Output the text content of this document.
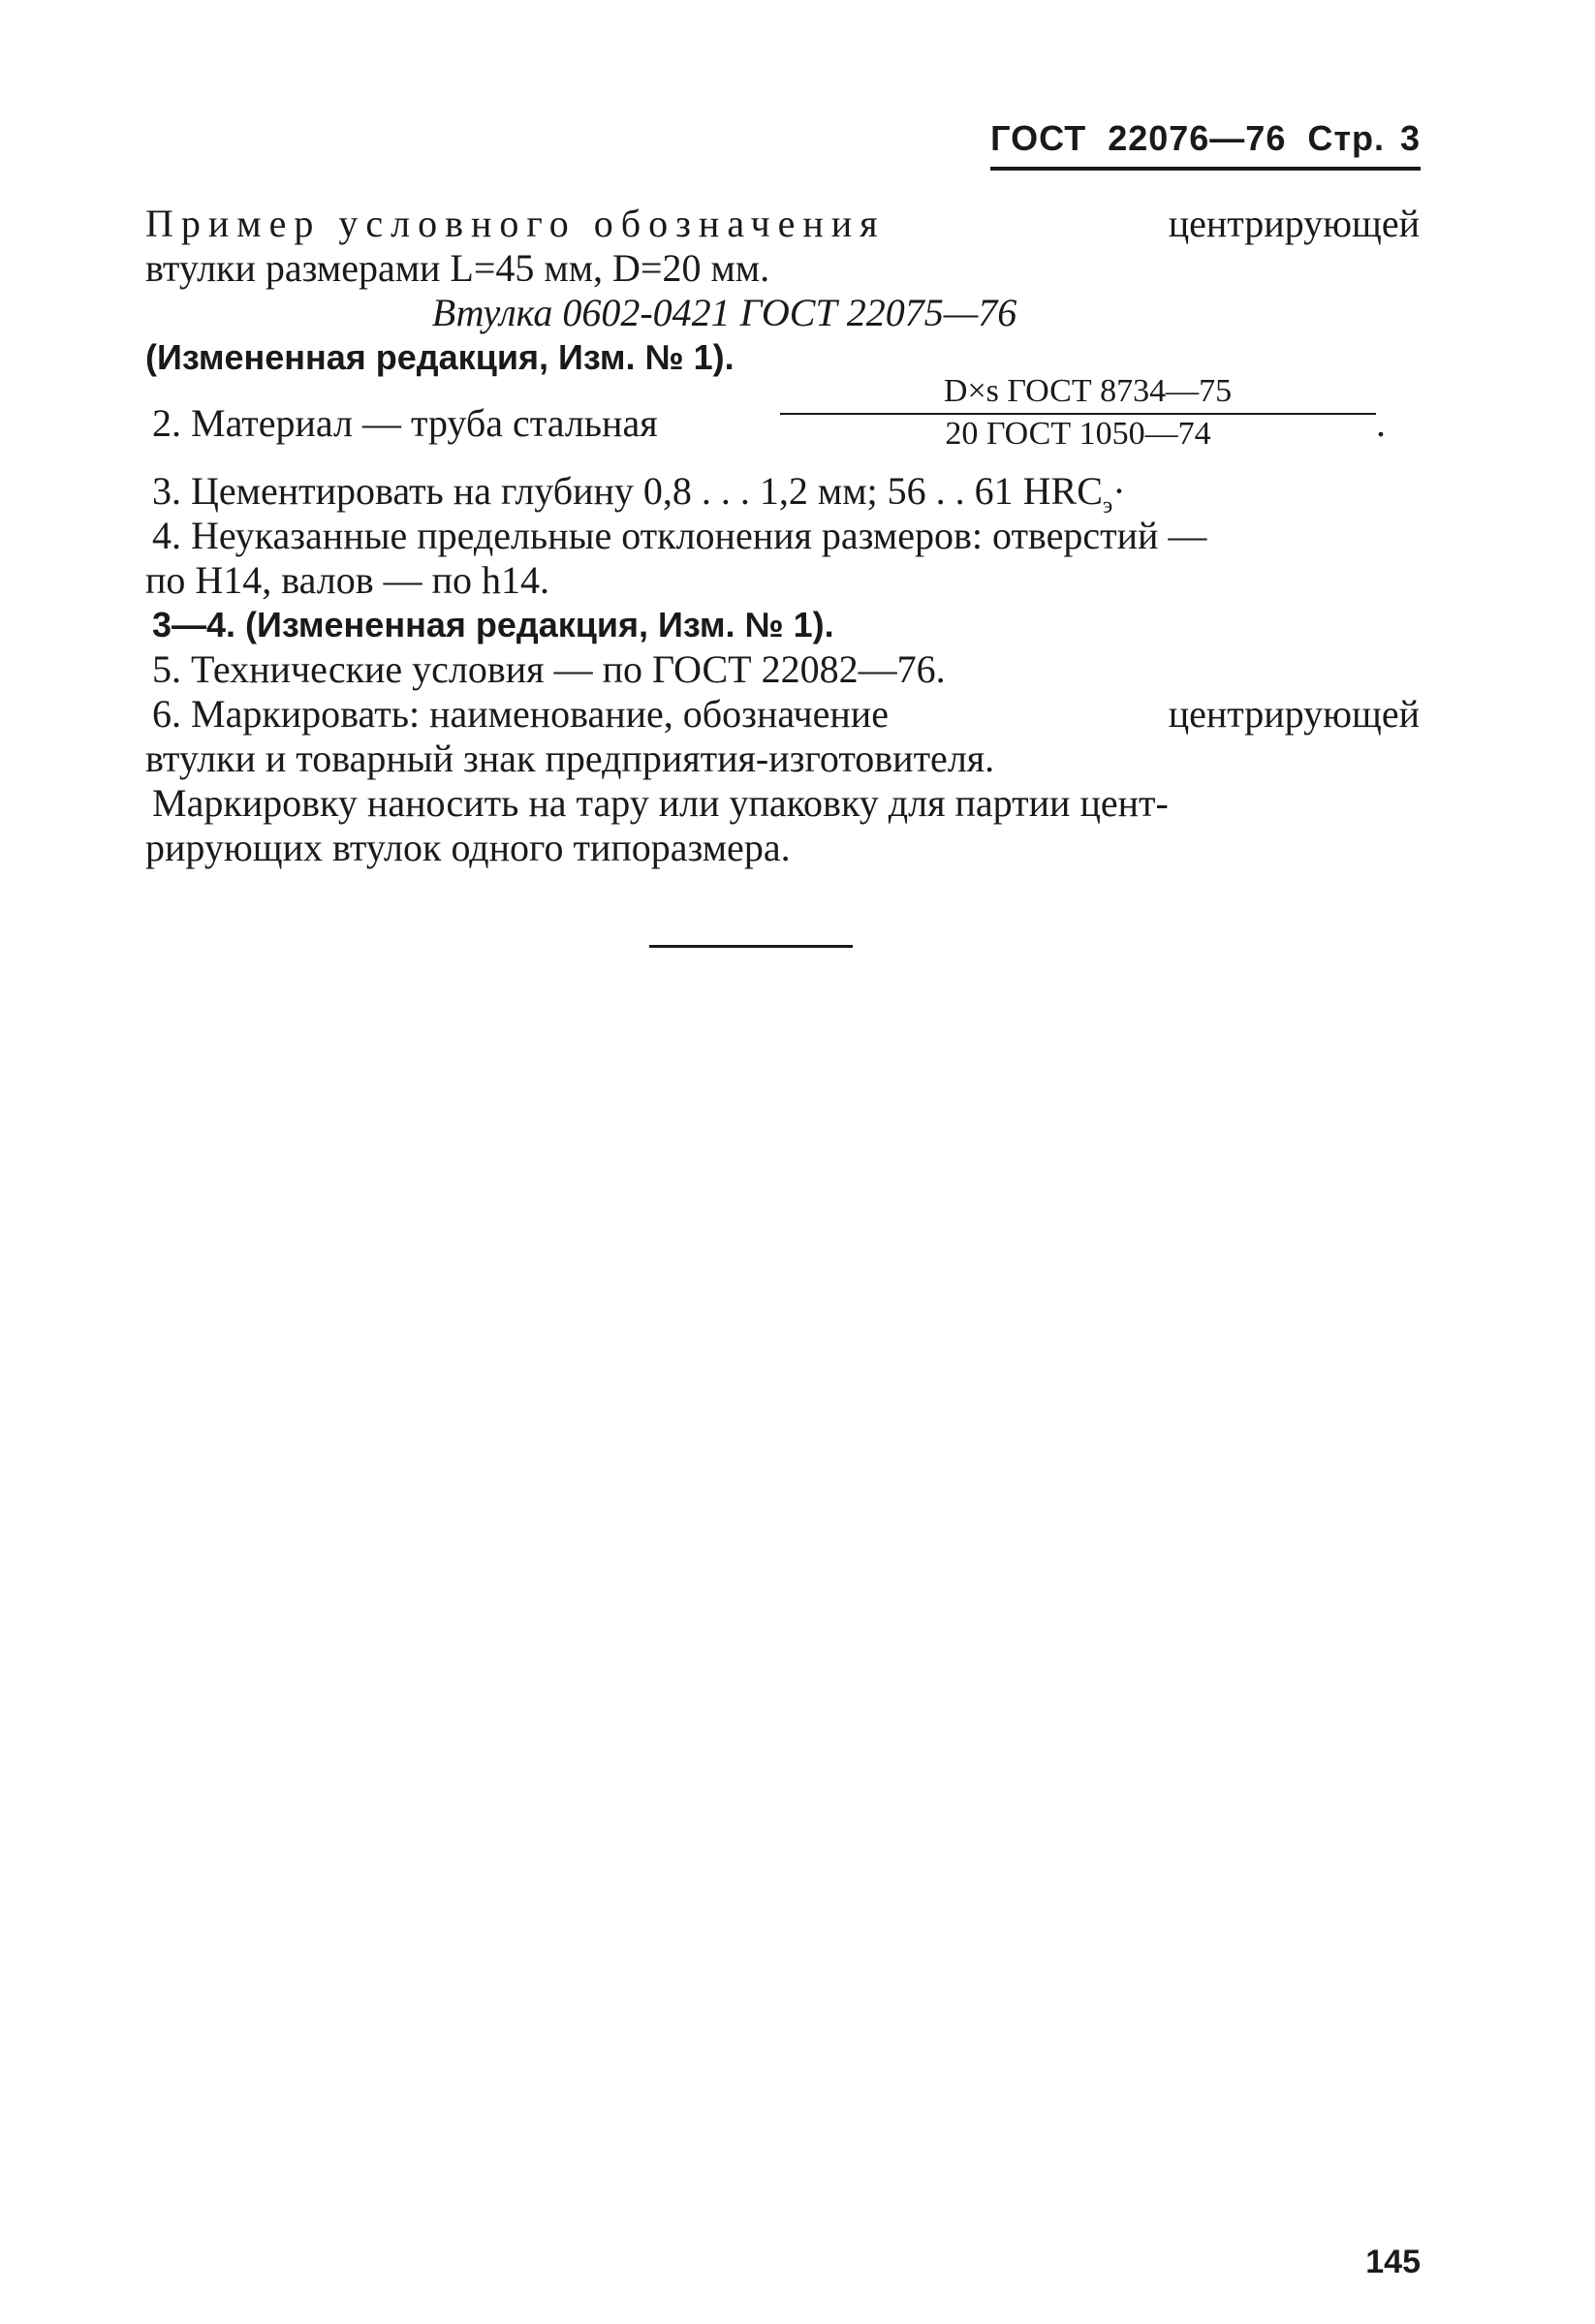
ГОСТ 22076—76 Стр. 3
Пример условного обозначения	центрирующей
втулки размерами L=45 мм, D=20 мм.
Втулка 0602-0421 ГОСТ 22075—76
(Измененная редакция, Изм. № 1).
2. Материал — труба стальная
D×s ГОСТ 8734—75
20 ГОСТ 1050—74	.
3. Цементировать на глубину 0,8 . . . 1,2 мм; 56 . . 61 $HRC_э\cdot$
4. Неуказанные предельные отклонения размеров: отверстий —
по H14, валов — по h14.
3—4. (Измененная редакция, Изм. № 1).
5. Технические условия — по ГОСТ 22082—76.
6. Маркировать: наименование, обозначение	центрирующей
втулки и товарный знак предприятия-изготовителя.
Маркировку наносить на тару или упаковку для партии цент-
рирующих втулок одного типоразмера.
145
